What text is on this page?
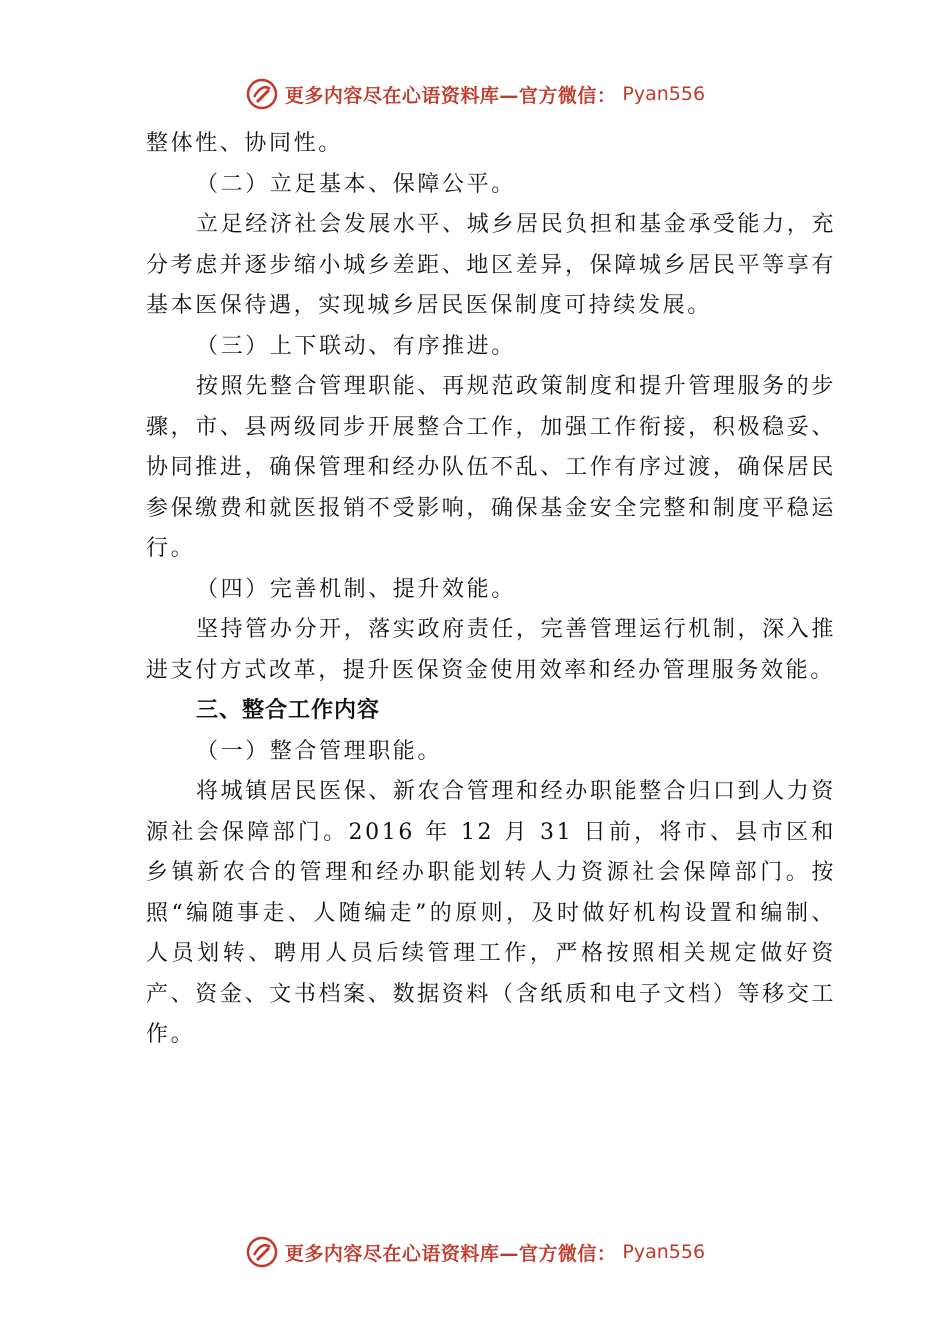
更多内容尽在心语资料库—官方微信： Pyan556

整体性、协同性。

（二）立足基本、保障公平。

立足经济社会发展水平、城乡居民负担和基金承受能力，充分考虑并逐步缩小城乡差距、地区差异，保障城乡居民平等享有基本医保待遇，实现城乡居民医保制度可持续发展。

（三）上下联动、有序推进。

按照先整合管理职能、再规范政策制度和提升管理服务的步骤，市、县两级同步开展整合工作，加强工作衔接，积极稳妥、协同推进，确保管理和经办队伍不乱、工作有序过渡，确保居民参保缴费和就医报销不受影响，确保基金安全完整和制度平稳运行。

（四）完善机制、提升效能。

坚持管办分开，落实政府责任，完善管理运行机制，深入推进支付方式改革，提升医保资金使用效率和经办管理服务效能。

三、整合工作内容

（一）整合管理职能。

将城镇居民医保、新农合管理和经办职能整合归口到人力资源社会保障部门。2016 年 12 月 31 日前，将市、县市区和乡镇新农合的管理和经办职能划转人力资源社会保障部门。按照“编随事走、人随编走”的原则，及时做好机构设置和编制、人员划转、聘用人员后续管理工作，严格按照相关规定做好资产、资金、文书档案、数据资料（含纸质和电子文档）等移交工作。

更多内容尽在心语资料库—官方微信： Pyan556
